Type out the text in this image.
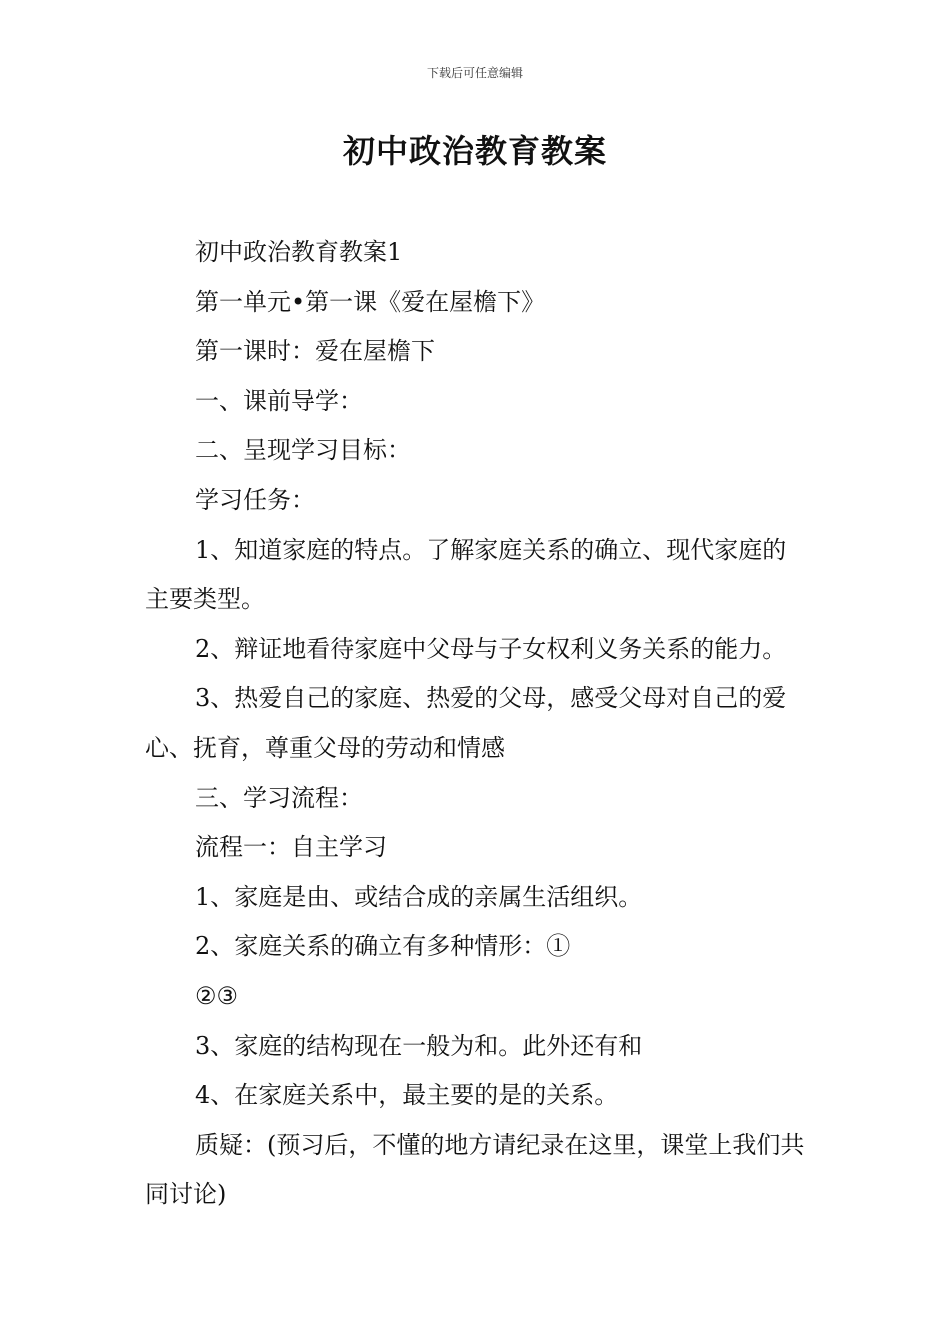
下载后可任意编辑
初中政治教育教案

初中政治教育教案1

第一单元•第一课《爱在屋檐下》

第一课时：爱在屋檐下

一、课前导学：

二、呈现学习目标：

学习任务：

1、知道家庭的特点。了解家庭关系的确立、现代家庭的主要类型。

2、辩证地看待家庭中父母与子女权利义务关系的能力。

3、热爱自己的家庭、热爱的父母，感受父母对自己的爱心、抚育，尊重父母的劳动和情感

三、学习流程：

流程一：自主学习

1、家庭是由、或结合成的亲属生活组织。

2、家庭关系的确立有多种情形：①

②③

3、家庭的结构现在一般为和。此外还有和

4、在家庭关系中，最主要的是的关系。

质疑：(预习后，不懂的地方请纪录在这里，课堂上我们共同讨论)
